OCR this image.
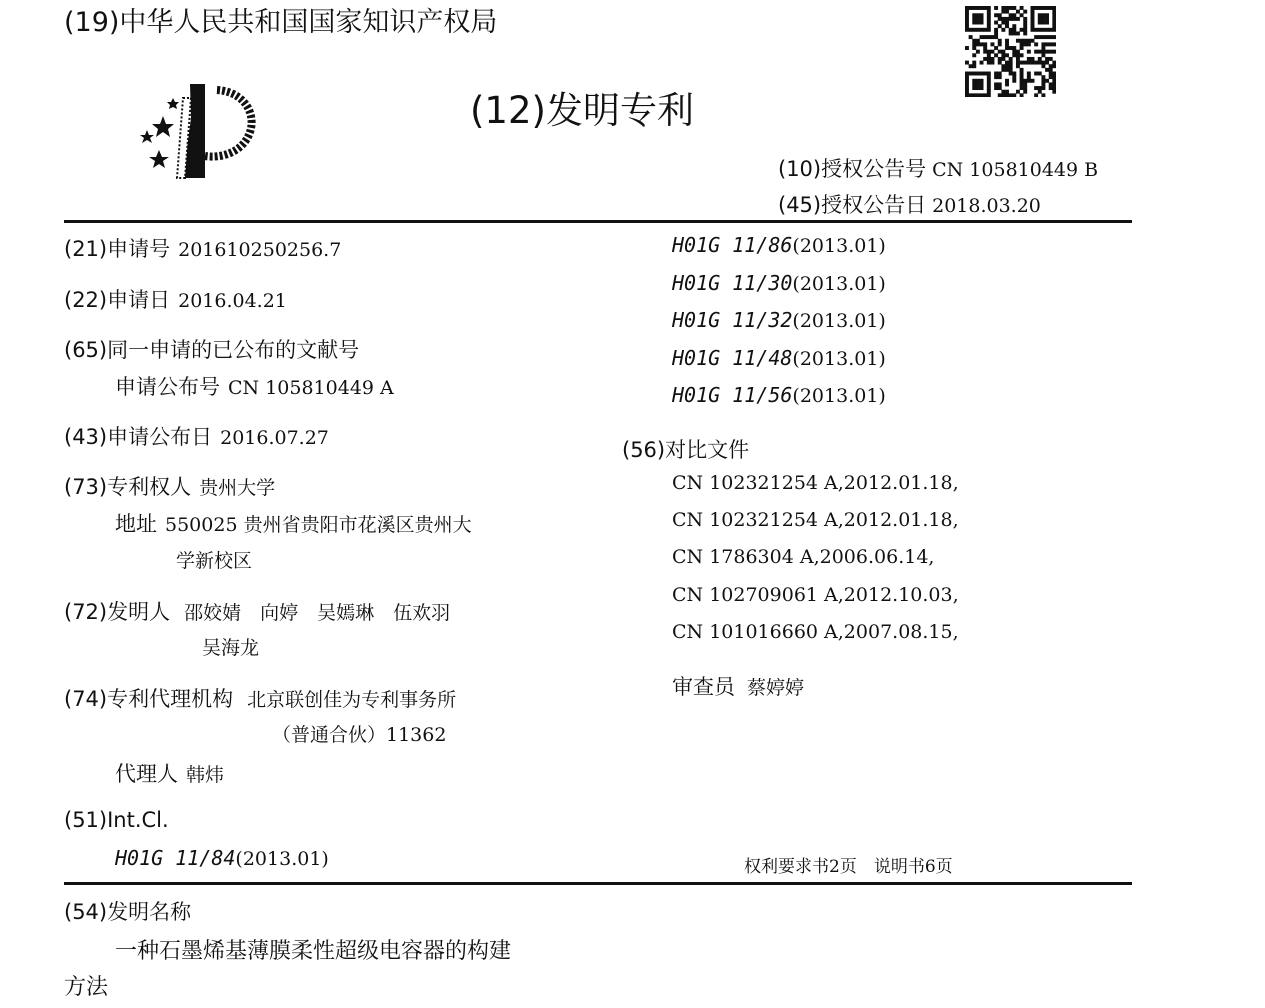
(19)中华人民共和国国家知识产权局
(12)发明专利
(10)授权公告号 CN 105810449 B
(45)授权公告日 2018.03.20
(21)申请号 201610250256.7
(22)申请日 2016.04.21
(65)同一申请的已公布的文献号
申请公布号 CN 105810449 A
(43)申请公布日 2016.07.27
(73)专利权人 贵州大学
地址 550025 贵州省贵阳市花溪区贵州大
学新校区
(72)发明人 邵姣婧　向婷　吴嫣琳　伍欢羽
吴海龙
(74)专利代理机构 北京联创佳为专利事务所
（普通合伙）11362
代理人 韩炜
(51)Int.Cl.
H01G 11/84(2013.01)
H01G 11/86(2013.01)
H01G 11/30(2013.01)
H01G 11/32(2013.01)
H01G 11/48(2013.01)
H01G 11/56(2013.01)
(56)对比文件
CN 102321254 A,2012.01.18,
CN 102321254 A,2012.01.18,
CN 1786304 A,2006.06.14,
CN 102709061 A,2012.10.03,
CN 101016660 A,2007.08.15,
审查员 蔡婷婷
权利要求书2页　说明书6页
(54)发明名称
一种石墨烯基薄膜柔性超级电容器的构建
方法
